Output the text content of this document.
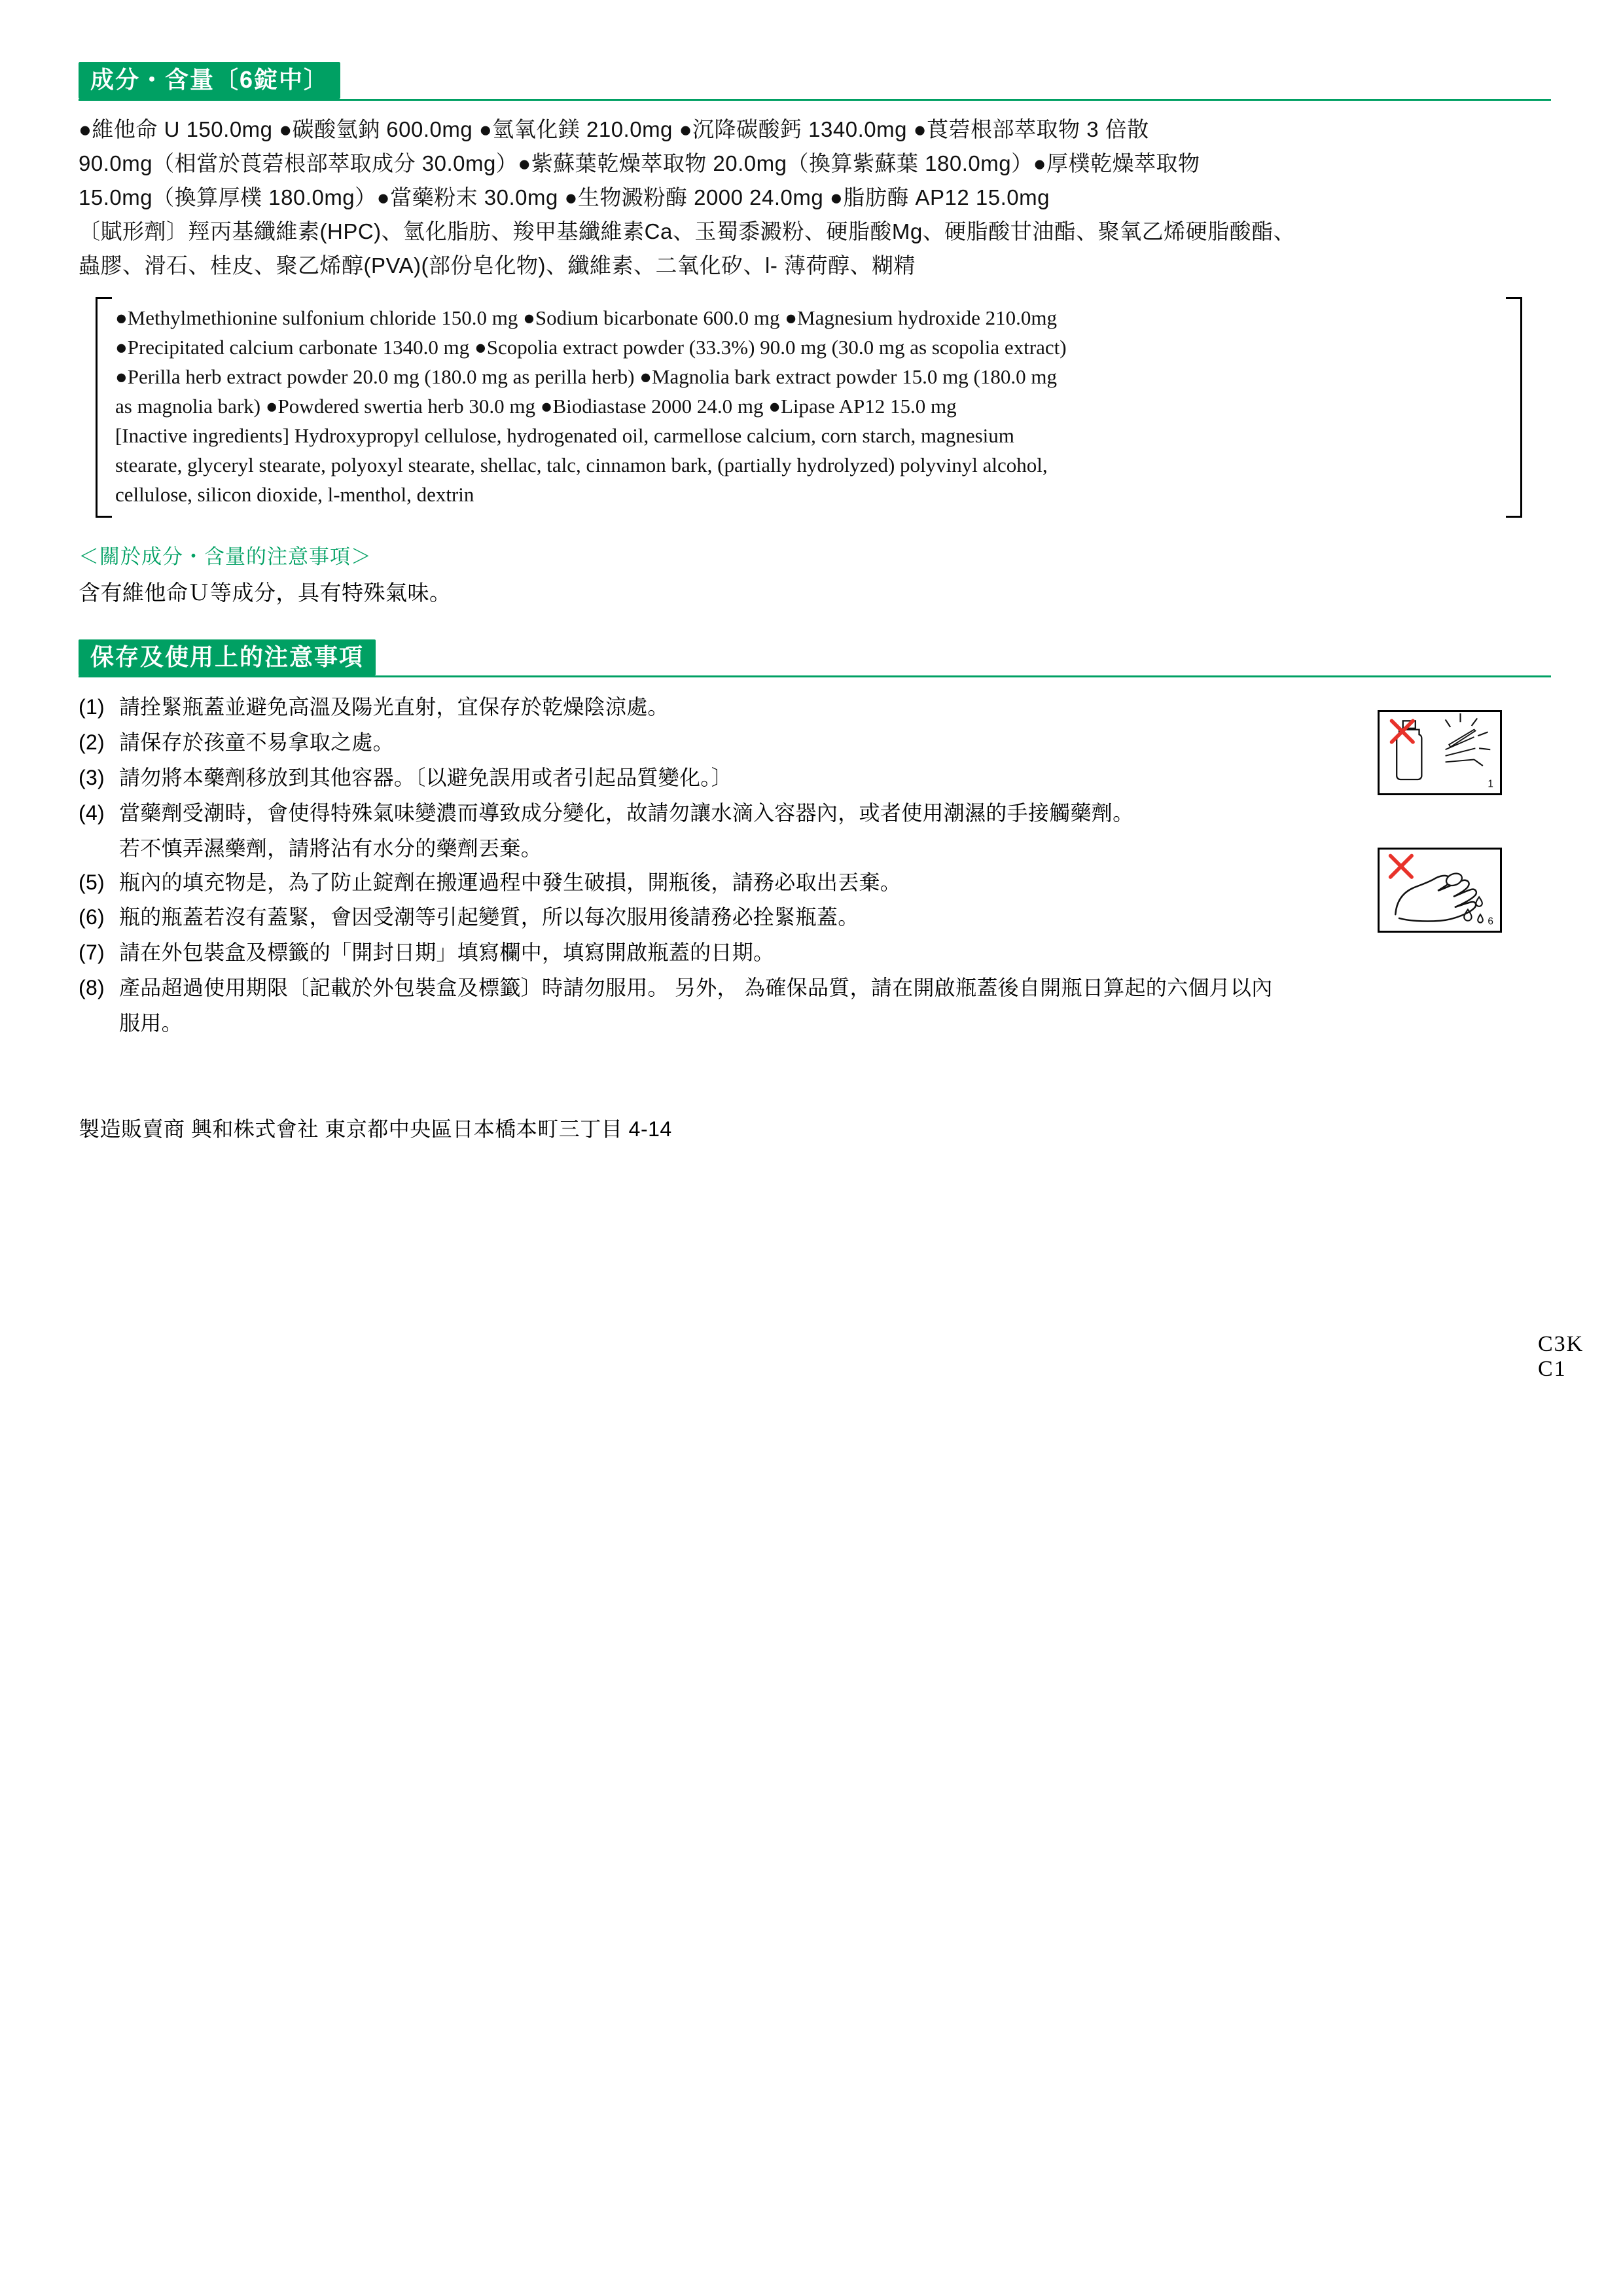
成分・含量〔6錠中〕

●維他命 U 150.0mg ●碳酸氫鈉 600.0mg ●氫氧化鎂 210.0mg ●沉降碳酸鈣 1340.0mg ●莨菪根部萃取物 3 倍散

90.0mg（相當於莨菪根部萃取成分 30.0mg）●紫蘇葉乾燥萃取物 20.0mg（換算紫蘇葉 180.0mg）●厚樸乾燥萃取物

15.0mg（換算厚樸 180.0mg）●當藥粉末 30.0mg ●生物澱粉酶 2000 24.0mg ●脂肪酶 AP12 15.0mg

〔賦形劑〕羥丙基纖維素(HPC)、氫化脂肪、羧甲基纖維素Ca、玉蜀黍澱粉、硬脂酸Mg、硬脂酸甘油酯、聚氧乙烯硬脂酸酯、

蟲膠、滑石、桂皮、聚乙烯醇(PVA)(部份皂化物)、纖維素、二氧化矽、l- 薄荷醇、糊精

●Methylmethionine sulfonium chloride 150.0 mg ●Sodium bicarbonate 600.0 mg ●Magnesium hydroxide 210.0mg

●Precipitated calcium carbonate 1340.0 mg ●Scopolia extract powder (33.3%) 90.0 mg (30.0 mg as scopolia extract)

●Perilla herb extract powder 20.0 mg (180.0 mg as perilla herb) ●Magnolia bark extract powder 15.0 mg (180.0 mg

as magnolia bark) ●Powdered swertia herb 30.0 mg ●Biodiastase 2000 24.0 mg ●Lipase AP12 15.0 mg

[Inactive ingredients] Hydroxypropyl cellulose, hydrogenated oil, carmellose calcium, corn starch, magnesium

stearate, glyceryl stearate, polyoxyl stearate, shellac, talc, cinnamon bark, (partially hydrolyzed) polyvinyl alcohol,

cellulose, silicon dioxide, l-menthol, dextrin

＜關於成分・含量的注意事項＞
含有維他命Ｕ等成分，具有特殊氣味。
保存及使用上的注意事項
(1) 請拴緊瓶蓋並避免高溫及陽光直射，宜保存於乾燥陰涼處。
(2) 請保存於孩童不易拿取之處。
(3) 請勿將本藥劑移放到其他容器。〔以避免誤用或者引起品質變化。〕
(4) 當藥劑受潮時，會使得特殊氣味變濃而導致成分變化，故請勿讓水滴入容器內，或者使用潮濕的手接觸藥劑。
若不慎弄濕藥劑，請將沾有水分的藥劑丟棄。
(5) 瓶內的填充物是，為了防止錠劑在搬運過程中發生破損，開瓶後，請務必取出丟棄。
(6) 瓶的瓶蓋若沒有蓋緊，會因受潮等引起變質，所以每次服用後請務必拴緊瓶蓋。
(7) 請在外包裝盒及標籤的「開封日期」填寫欄中，填寫開啟瓶蓋的日期。
(8) 產品超過使用期限〔記載於外包裝盒及標籤〕時請勿服用。 另外， 為確保品質，請在開啟瓶蓋後自開瓶日算起的六個月以內
服用。
製造販賣商 興和株式會社 東京都中央區日本橋本町三丁目 4-14
C3K C1
1
6
